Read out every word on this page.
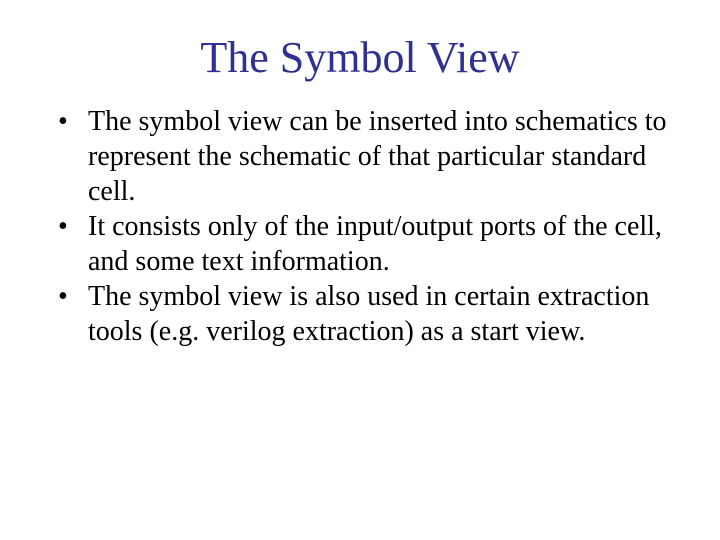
The Symbol View
• The symbol view can be inserted into schematics to represent the schematic of that particular standard cell.
• It consists only of the input/output ports of the cell, and some text information.
• The symbol view is also used in certain extraction tools (e.g. verilog extraction) as a start view.
